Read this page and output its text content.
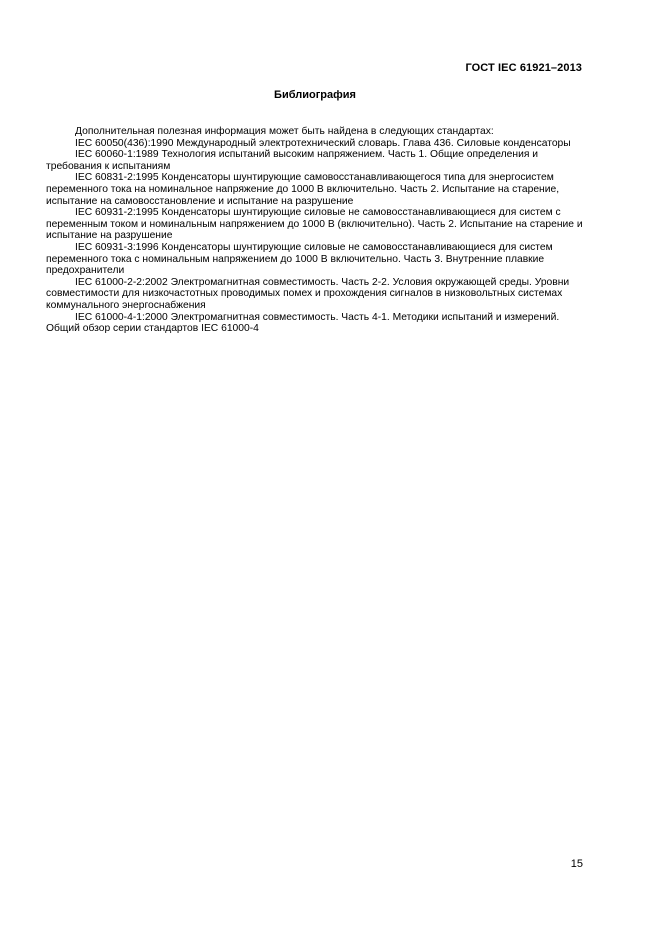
ГОСТ IEC 61921–2013
Библиография

Дополнительная полезная информация может быть найдена в следующих стандартах:

IEC 60050(436):1990 Международный электротехнический словарь. Глава 436. Силовые конденсаторы

IEC 60060-1:1989 Технология испытаний высоким напряжением. Часть 1. Общие определения и требования к испытаниям

IEC 60831-2:1995 Конденсаторы шунтирующие самовосстанавливающегося типа для энергосистем переменного тока на номинальное напряжение до 1000 В включительно. Часть 2. Испытание на старение, испытание на самовосстановление и испытание на разрушение

IEC 60931-2:1995 Конденсаторы шунтирующие силовые не самовосстанавливающиеся для систем с переменным током и номинальным напряжением до 1000 В (включительно). Часть 2. Испытание на старение и испытание на разрушение

IEC 60931-3:1996 Конденсаторы шунтирующие силовые не самовосстанавливающиеся для систем переменного тока с номинальным напряжением до 1000 В включительно. Часть 3. Внутренние плавкие предохранители

IEC 61000-2-2:2002 Электромагнитная совместимость. Часть 2-2. Условия окружающей среды. Уровни совместимости для низкочастотных проводимых помех и прохождения сигналов в низковольтных системах коммунального энергоснабжения

IEC 61000-4-1:2000 Электромагнитная совместимость. Часть 4-1. Методики испытаний и измерений. Общий обзор серии стандартов IEC 61000-4

15
